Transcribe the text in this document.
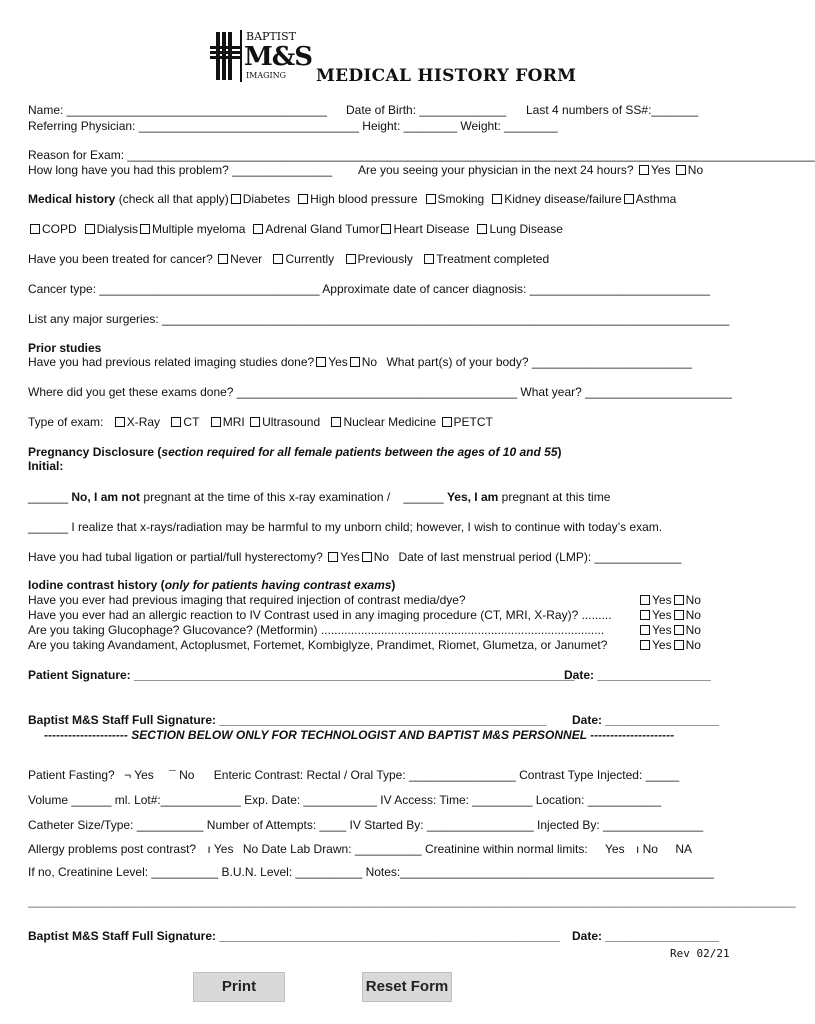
BAPTIST
M&S
IMAGING MEDICAL HISTORY FORM
Name: _______________________________________ Date of Birth: _____________ Last 4 numbers of SS#:_______
Referring Physician: _________________________________ Height: ________ Weight: ________
Reason for Exam: _______________________________________________________________________________________________________
How long have you had this problem? _______________ Are you seeing your physician in the next 24 hours? Yes No
Medical history (check all that apply) Diabetes High blood pressure Smoking Kidney disease/failure Asthma
COPD Dialysis Multiple myeloma Adrenal Gland Tumor Heart Disease Lung Disease
Have you been treated for cancer? Never Currently Previously Treatment completed
Cancer type: _________________________________ Approximate date of cancer diagnosis: ___________________________
List any major surgeries: _____________________________________________________________________________________
Prior studies
Have you had previous related imaging studies done? Yes No What part(s) of your body? ________________________
Where did you get these exams done? __________________________________________ What year? ______________________
Type of exam: X-Ray CT MRI Ultrasound Nuclear Medicine PETCT
Pregnancy Disclosure (section required for all female patients between the ages of 10 and 55)
Initial:
______ No, I am not pregnant at the time of this x-ray examination / ______ Yes, I am pregnant at this time
______ I realize that x-rays/radiation may be harmful to my unborn child; however, I wish to continue with today’s exam.
Have you had tubal ligation or partial/full hysterectomy? Yes No Date of last menstrual period (LMP): _____________
Iodine contrast history (only for patients having contrast exams)
Have you ever had previous imaging that required injection of contrast media/dye?
Have you ever had an allergic reaction to IV Contrast used in any imaging procedure (CT, MRI, X-Ray)? .........
Are you taking Glucophage? Glucovance? (Metformin) .....................................................................................
Are you taking Avandament, Actoplusmet, Fortemet, Kombiglyze, Prandimet, Riomet, Glumetza, or Janumet?
Yes No
Yes No
Yes No
Yes No
Patient Signature: __________________________________________________________________
Date: _________________
Baptist M&S Staff Full Signature: _________________________________________________ Date: _________________
--------------------- SECTION BELOW ONLY FOR TECHNOLOGIST AND BAPTIST M&S PERSONNEL ---------------------
Patient Fasting? ¬ Yes ¯ No Enteric Contrast: Rectal / Oral Type: ________________ Contrast Type Injected: _____
Volume ______ ml. Lot#:____________ Exp. Date: ___________ IV Access: Time: _________ Location: ___________
Catheter Size/Type: __________ Number of Attempts: ____ IV Started By: ________________ Injected By: _______________
Allergy problems post contrast? ı Yes No Date Lab Drawn: __________ Creatinine within normal limits: Yes ı No NA
If no, Creatinine Level: __________ B.U.N. Level: __________ Notes:_______________________________________________
___________________________________________________________________________________________________________________
Baptist M&S Staff Full Signature: ___________________________________________________ Date: _________________
Rev 02/21
Print	Reset Form
